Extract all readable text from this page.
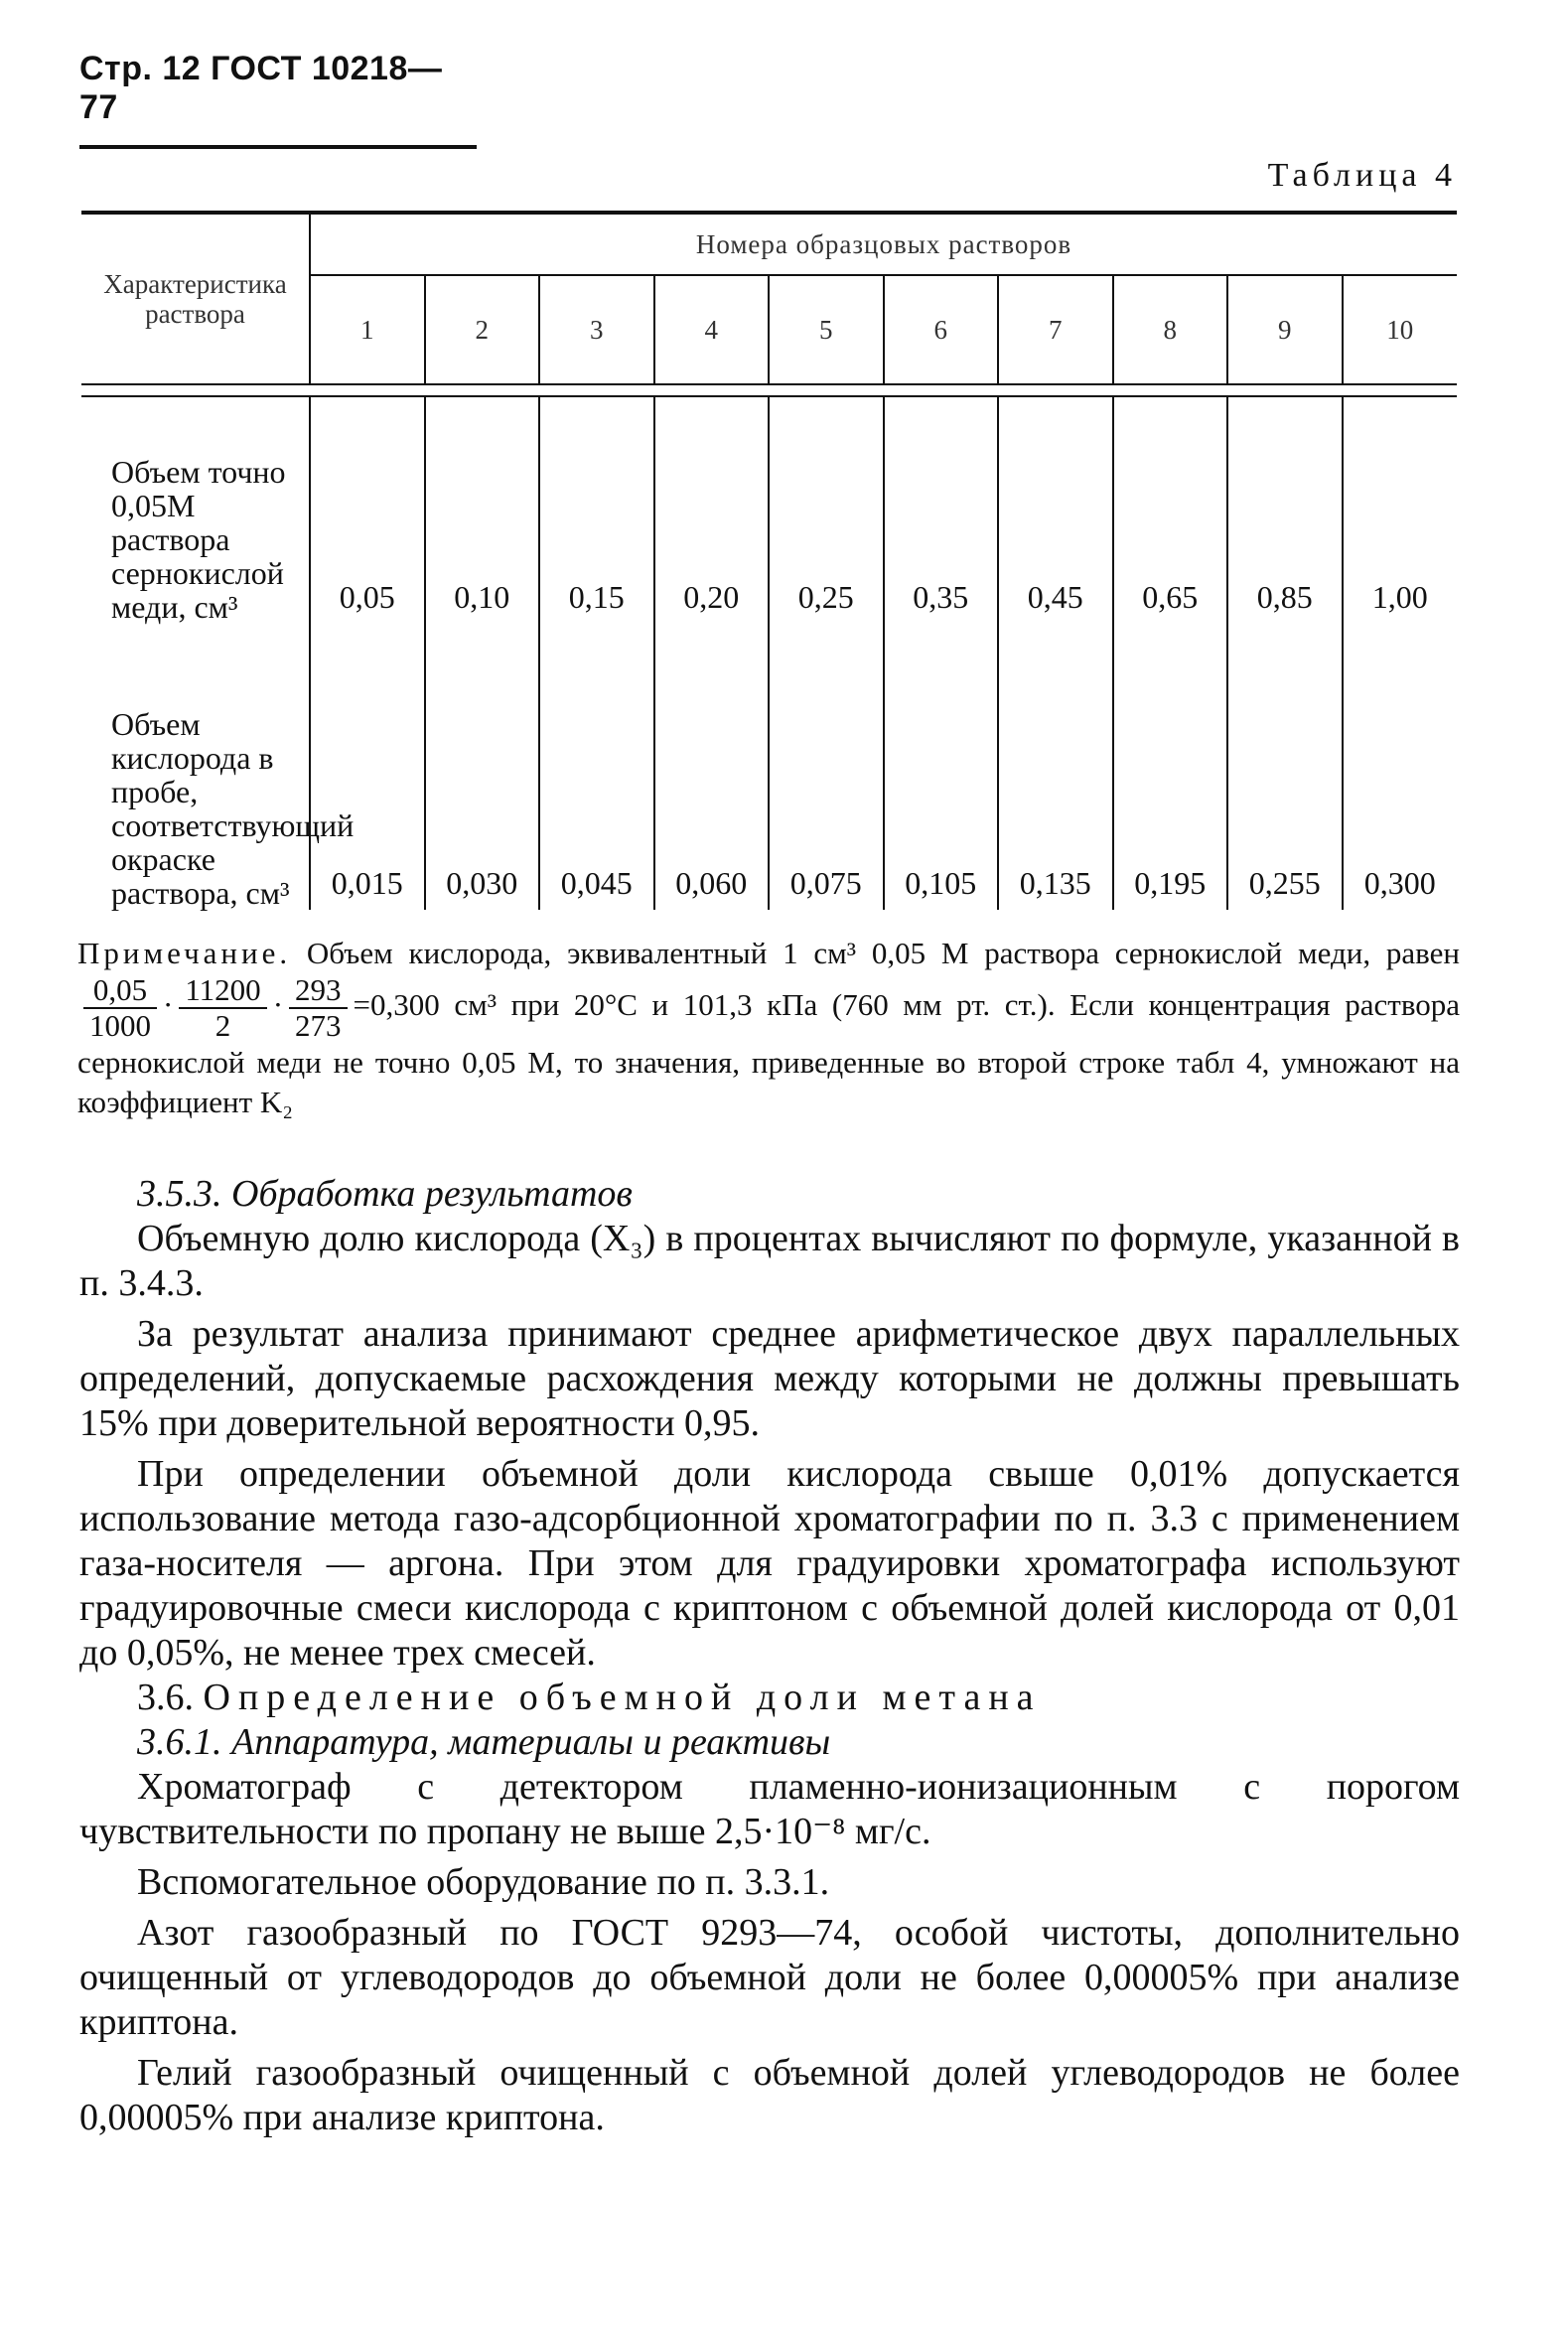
Стр. 12 ГОСТ 10218—77
Таблица 4
Характеристика раствора	Номера образцовых растворов									
	1	2	3	4	5	6	7	8	9	10

Объем точно 0,05М раствора сернокислой меди, см³	0,05	0,10	0,15	0,20	0,25	0,35	0,45	0,65	0,85	1,00

Объем кислорода в пробе, соответствующий окраске раствора, см³	0,015	0,030	0,045	0,060	0,075	0,105	0,135	0,195	0,255	0,300
Примечание. Объем кислорода, эквивалентный 1 см³ 0,05 М раствора сернокислой меди, равен
$\frac{0,05}{1000} \cdot \frac{11200}{2} \cdot \frac{293}{273} =0,300$ см³ при 20°С и 101,3 кПа (760 мм рт. ст.). Если концентрация раствора сернокислой меди не точно 0,05 М, то значения, приведенные во второй строке табл 4, умножают на коэффициент K₂

3.5.3. Обработка результатов

Объемную долю кислорода (X₃) в процентах вычисляют по формуле, указанной в п. 3.4.3.

За результат анализа принимают среднее арифметическое двух параллельных определений, допускаемые расхождения между которыми не должны превышать 15% при доверительной вероятности 0,95.

При определении объемной доли кислорода свыше 0,01% допускается использование метода газо-адсорбционной хроматографии по п. 3.3 с применением газа-носителя — аргона. При этом для градуировки хроматографа используют градуировочные смеси кислорода с криптоном с объемной долей кислорода от 0,01 до 0,05%, не менее трех смесей.

3.6. Определение объемной доли метана

3.6.1. Аппаратура, материалы и реактивы

Хроматограф с детектором пламенно-ионизационным с порогом чувствительности по пропану не выше 2,5·10⁻⁸ мг/с.

Вспомогательное оборудование по п. 3.3.1.

Азот газообразный по ГОСТ 9293—74, особой чистоты, дополнительно очищенный от углеводородов до объемной доли не более 0,00005% при анализе криптона.

Гелий газообразный очищенный с объемной долей углеводородов не более 0,00005% при анализе криптона.
